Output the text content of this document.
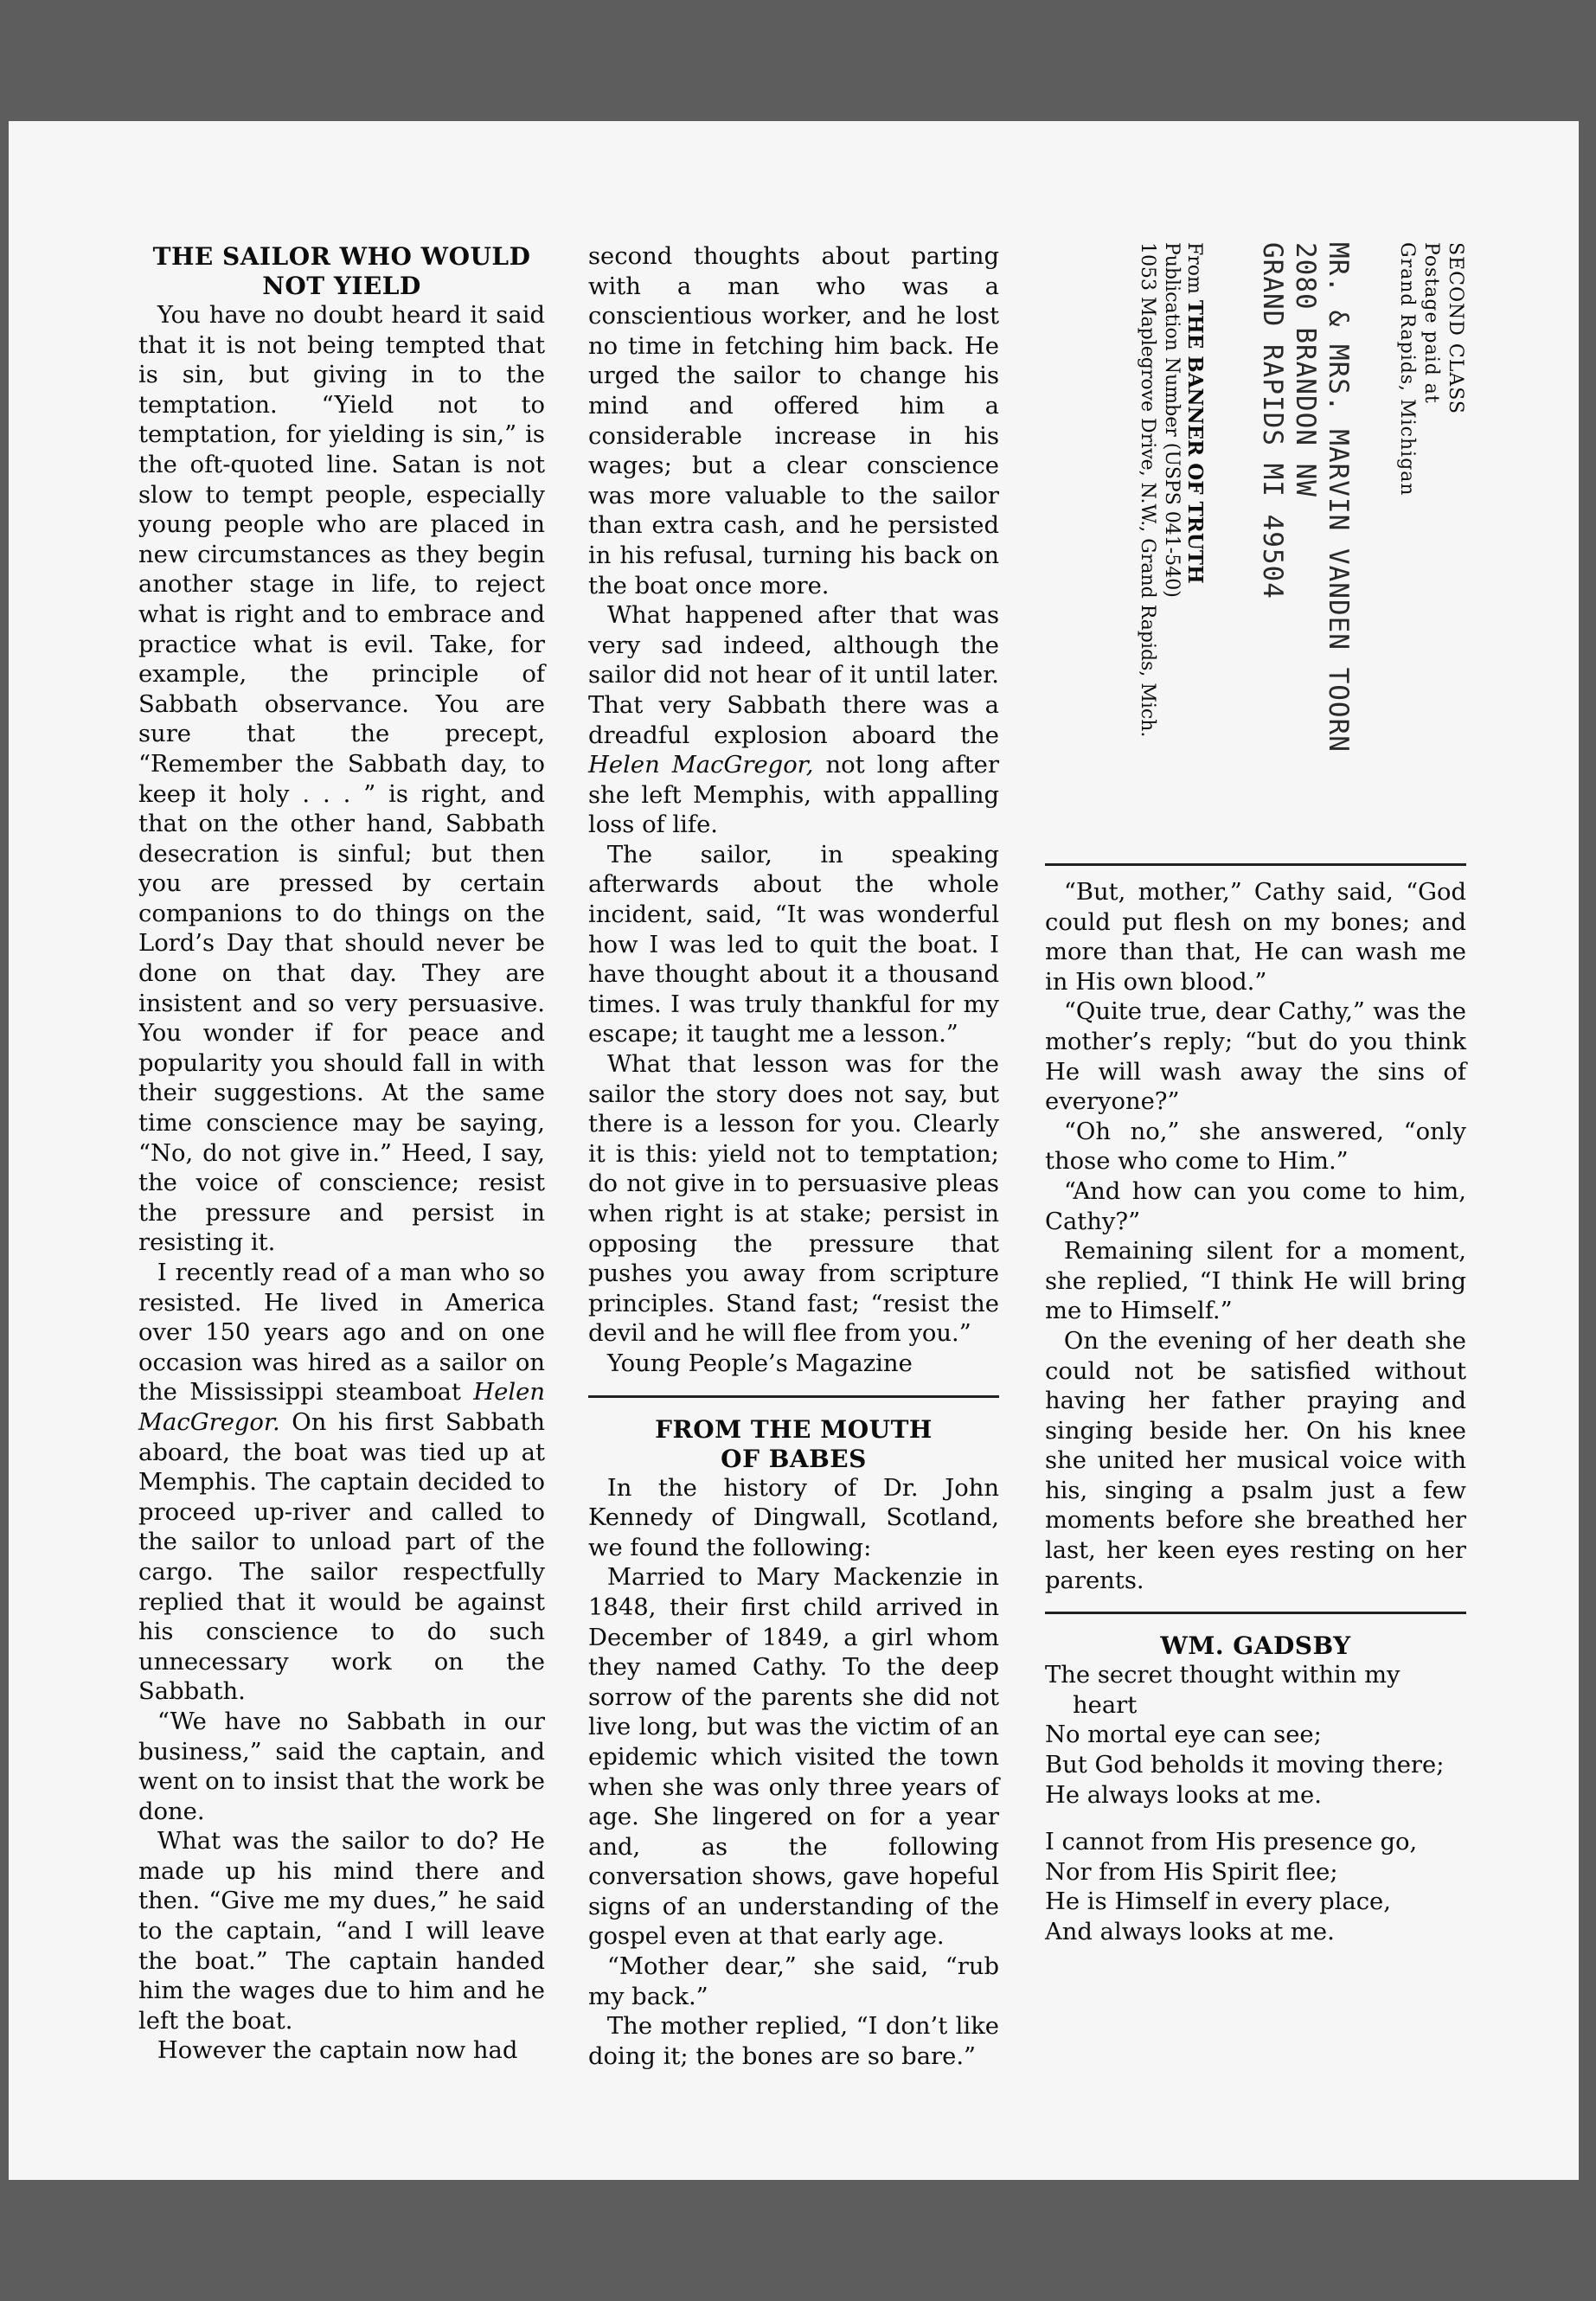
THE SAILOR WHO WOULD
NOT YIELD

You have no doubt heard it said that it is not being tempted that is sin, but giving in to the temptation. “Yield not to temptation, for yielding is sin,” is the oft-quoted line. Satan is not slow to tempt people, especially young people who are placed in new circumstances as they begin another stage in life, to reject what is right and to embrace and practice what is evil. Take, for example, the principle of Sabbath observance. You are sure that the precept, “Remember the Sabbath day, to keep it holy . . . ” is right, and that on the other hand, Sabbath desecration is sinful; but then you are pressed by certain companions to do things on the Lord’s Day that should never be done on that day. They are insistent and so very persuasive. You wonder if for peace and popularity you should fall in with their suggestions. At the same time conscience may be saying, “No, do not give in.” Heed, I say, the voice of conscience; resist the pressure and persist in resisting it.

I recently read of a man who so resisted. He lived in America over 150 years ago and on one occasion was hired as a sailor on the Mississippi steamboat Helen MacGregor. On his first Sabbath aboard, the boat was tied up at Memphis. The captain decided to proceed up-river and called to the sailor to unload part of the cargo. The sailor respectfully replied that it would be against his conscience to do such unnecessary work on the Sabbath.

“We have no Sabbath in our business,” said the captain, and went on to insist that the work be done.

What was the sailor to do? He made up his mind there and then. “Give me my dues,” he said to the captain, “and I will leave the boat.” The captain handed him the wages due to him and he left the boat.

However the captain now had

second thoughts about parting with a man who was a conscientious worker, and he lost no time in fetching him back. He urged the sailor to change his mind and offered him a considerable increase in his wages; but a clear conscience was more valuable to the sailor than extra cash, and he persisted in his refusal, turning his back on the boat once more.

What happened after that was very sad indeed, although the sailor did not hear of it until later. That very Sabbath there was a dreadful explosion aboard the Helen MacGregor, not long after she left Memphis, with appalling loss of life.

The sailor, in speaking afterwards about the whole incident, said, “It was wonderful how I was led to quit the boat. I have thought about it a thousand times. I was truly thankful for my escape; it taught me a lesson.”

What that lesson was for the sailor the story does not say, but there is a lesson for you. Clearly it is this: yield not to temptation; do not give in to persuasive pleas when right is at stake; persist in opposing the pressure that pushes you away from scripture principles. Stand fast; “resist the devil and he will flee from you.”

Young People’s Magazine

FROM THE MOUTH
OF BABES

In the history of Dr. John Kennedy of Dingwall, Scotland, we found the following:

Married to Mary Mackenzie in 1848, their first child arrived in December of 1849, a girl whom they named Cathy. To the deep sorrow of the parents she did not live long, but was the victim of an epidemic which visited the town when she was only three years of age. She lingered on for a year and, as the following conversation shows, gave hopeful signs of an understanding of the gospel even at that early age.

“Mother dear,” she said, “rub my back.”

The mother replied, “I don’t like doing it; the bones are so bare.”

SECOND CLASS
Postage paid at
Grand Rapids, Michigan
MR. & MRS. MARVIN VANDEN TOORN
2080 BRANDON NW
GRAND RAPIDS MI 49504
From THE BANNER OF TRUTH
Publication Number (USPS 041-540)
1053 Maplegrove Drive, N.W., Grand Rapids, Mich.

“But, mother,” Cathy said, “God could put flesh on my bones; and more than that, He can wash me in His own blood.”

“Quite true, dear Cathy,” was the mother’s reply; “but do you think He will wash away the sins of everyone?”

“Oh no,” she answered, “only those who come to Him.”

“And how can you come to him, Cathy?”

Remaining silent for a moment, she replied, “I think He will bring me to Himself.”

On the evening of her death she could not be satisfied without having her father praying and singing beside her. On his knee she united her musical voice with his, singing a psalm just a few moments before she breathed her last, her keen eyes resting on her parents.

WM. GADSBY
The secret thought within my
heart
No mortal eye can see;
But God beholds it moving there;
He always looks at me.
I cannot from His presence go,
Nor from His Spirit flee;
He is Himself in every place,
And always looks at me.
